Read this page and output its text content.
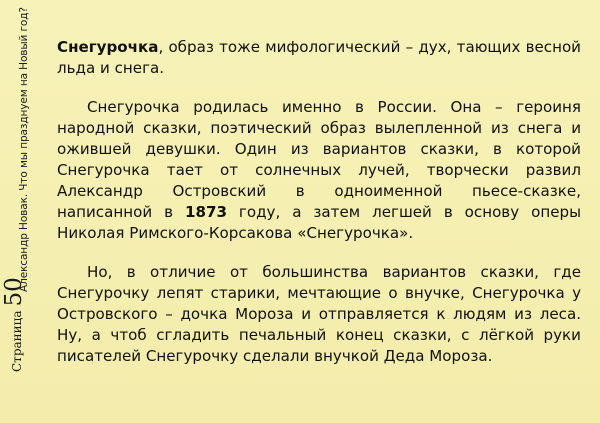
Александр Новак. Что мы празднуем на Новый год?
Страница50

Снегурочка, образ тоже мифологический – дух, тающих весной льда и снега.

Снегурочка родилась именно в России. Она – героиня народной сказки, поэтический образ вылепленной из снега и ожившей девушки. Один из вариантов сказки, в которой Снегурочка тает от солнечных лучей, творчески развил Александр Островский в одноименной пьесе-сказке, написанной в 1873 году, а затем легшей в основу оперы Николая Римского-Корсакова «Снегурочка».

Но, в отличие от большинства вариантов сказки, где Снегурочку лепят старики, мечтающие о внучке, Снегурочка у Островского – дочка Мороза и отправляется к людям из леса. Ну, а чтоб сгладить печальный конец сказки, с лёгкой руки писателей Снегурочку сделали внучкой Деда Мороза.
